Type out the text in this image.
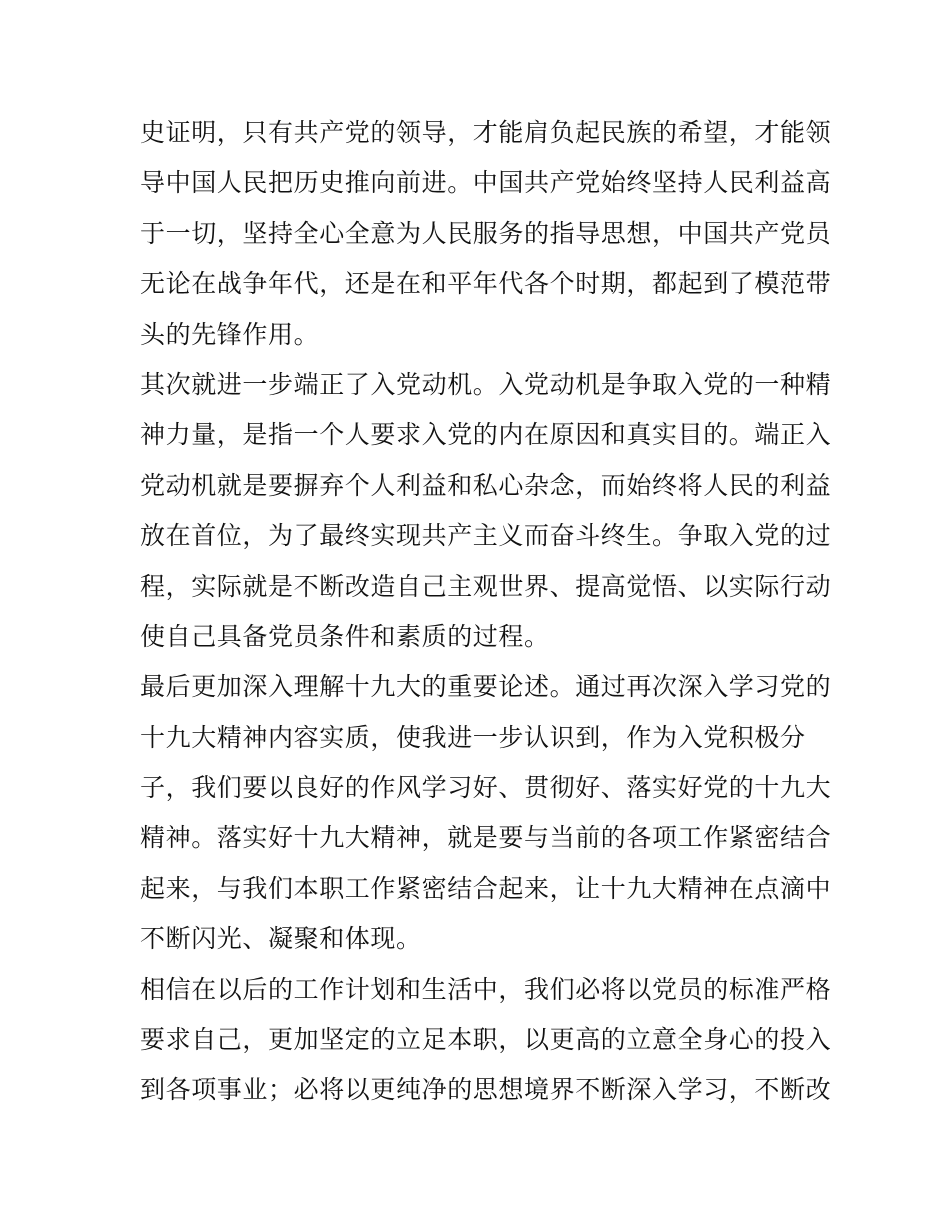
史证明，只有共产党的领导，才能肩负起民族的希望，才能领
导中国人民把历史推向前进。中国共产党始终坚持人民利益高
于一切，坚持全心全意为人民服务的指导思想，中国共产党员
无论在战争年代，还是在和平年代各个时期，都起到了模范带
头的先锋作用。
其次就进一步端正了入党动机。入党动机是争取入党的一种精
神力量，是指一个人要求入党的内在原因和真实目的。端正入
党动机就是要摒弃个人利益和私心杂念，而始终将人民的利益
放在首位，为了最终实现共产主义而奋斗终生。争取入党的过
程，实际就是不断改造自己主观世界、提高觉悟、以实际行动
使自己具备党员条件和素质的过程。
最后更加深入理解十九大的重要论述。通过再次深入学习党的
十九大精神内容实质，使我进一步认识到，作为入党积极分
子，我们要以良好的作风学习好、贯彻好、落实好党的十九大
精神。落实好十九大精神，就是要与当前的各项工作紧密结合
起来，与我们本职工作紧密结合起来，让十九大精神在点滴中
不断闪光、凝聚和体现。
相信在以后的工作计划和生活中，我们必将以党员的标准严格
要求自己，更加坚定的立足本职，以更高的立意全身心的投入
到各项事业；必将以更纯净的思想境界不断深入学习，不断改
